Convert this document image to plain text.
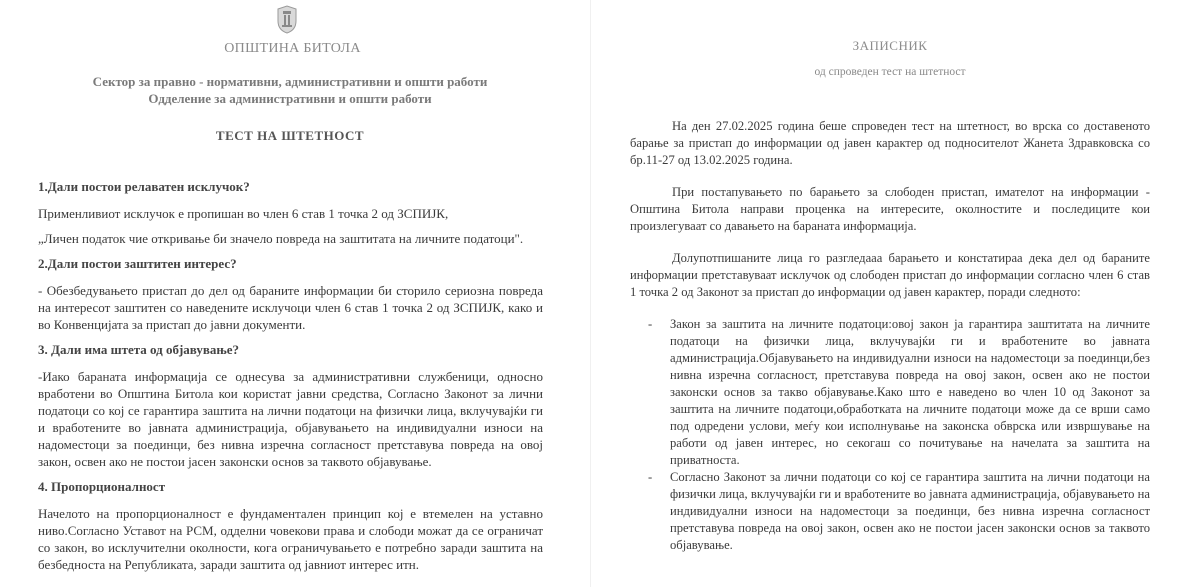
ОПШТИНА БИТОЛА
Сектор за правно - нормативни, административни и општи работи
Одделение за административни и општи работи
ТЕСТ НА ШТЕТНОСТ
1.Дали постои релаватен исклучок?

Применливиот исклучок е пропишан во член 6 став 1 точка 2 од ЗСПИЈК,

„Личен податок чие откривање би значело повреда на заштитата на личните податоци".

2.Дали постои заштитен интерес?

- Обезбедувањето пристап до дел од бараните информации би сторило сериозна повреда на интересот заштитен со наведените исклучоци член 6 став 1 точка 2 од ЗСПИЈК, како и во Конвенцијата за пристап до јавни документи.

3. Дали има штета од објавување?

-Иако бараната информација се однесува за административни службеници, односно вработени во Општина Битола кои користат јавни средства, Согласно Законот за лични податоци со кој се гарантира заштита на лични податоци на физички лица, вклучувајќи ги и вработените во јавната администрација, објавувањето на индивидуални износи на надоместоци за поединци, без нивна изречна согласност претставува повреда на овој закон, освен ако не постои јасен законски основ за таквото објавување.

4. Пропорционалност

Начелото на пропорционалност е фундаментален принцип кој е втемелен на уставно ниво.Согласно Уставот на РСМ, одделни човекови права и слободи можат да се ограничат со закон, во исклучителни околности, кога ограничувањето е потребно заради заштита на безбедноста на Републиката, заради заштита од јавниот интерес итн.

ЗАПИСНИК
од спроведен тест на штетност

На ден 27.02.2025 година беше спроведен тест на штетност, во врска со доставеното барање за пристап до информации од јавен карактер од подносителот Жанета Здравковска со бр.11-27 од 13.02.2025 година.

При постапувањето по барањето за слободен пристап, имателот на информации - Општина Битола направи проценка на интересите, околностите и последиците кои произлегуваат со давањето на бараната информација.

Долупотпишаните лица го разгледаaа барањето и констатираа дека дел од бараните информации претставуваат исклучок од слободен пристап до информации согласно член 6 став 1 точка 2 од Законот за пристап до информации од јавен карактер, поради следното:

- Закон за заштита на личните податоци:овој закон ја гарантира заштитата на личните податоци на физички лица, вклучувајќи ги и вработените во јавната администрација.Објавувањето на индивидуални износи на надоместоци за поединци,без нивна изречна согласност, претставува повреда на овој закон, освен ако не постои законски основ за такво објавување.Како што е наведено во член 10 од Законот за заштита на личните податоци,обработката на личните податоци може да се врши само под одредени услови, меѓу кои исполнување на законска обврска или извршување на работи од јавен интерес, но секогаш со почитување на начелата за заштита на приватноста.
- Согласно Законот за лични податоци со кој се гарантира заштита на лични податоци на физички лица, вклучувајќи ги и вработените во јавната администрација, објавувањето на индивидуални износи на надоместоци за поединци, без нивна изречна согласност претставува повреда на овој закон, освен ако не постои јасен законски основ за таквото објавување.
